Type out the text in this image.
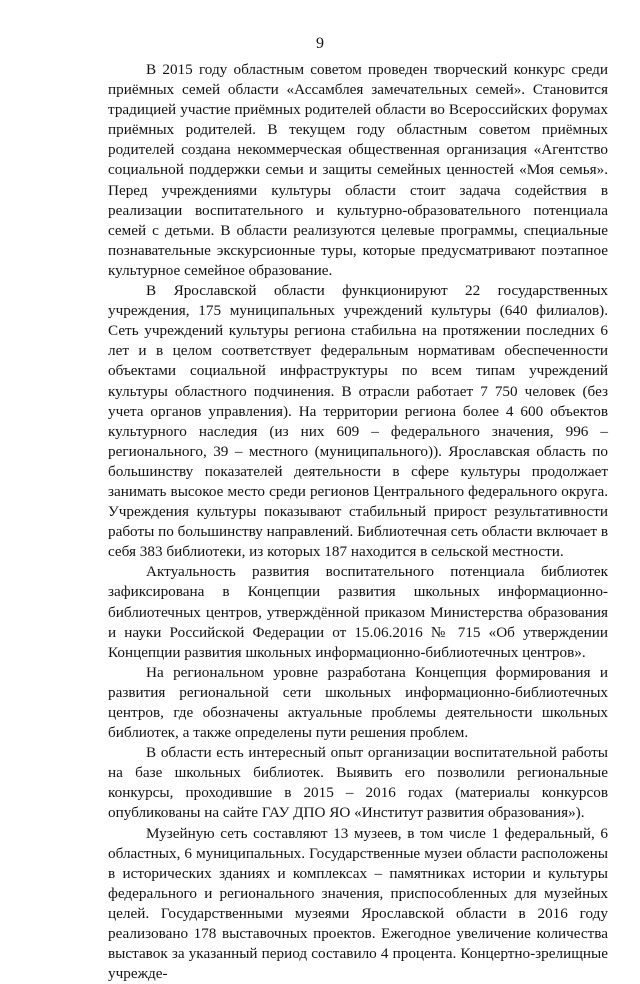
9

В 2015 году областным советом проведен творческий конкурс среди приёмных семей области «Ассамблея замечательных семей». Становится традицией участие приёмных родителей области во Всероссийских форумах приёмных родителей. В текущем году областным советом приёмных родителей создана некоммерческая общественная организация «Агентство социальной поддержки семьи и защиты семейных ценностей «Моя семья». Перед учреждениями культуры области стоит задача содействия в реализации воспитательного и культурно-образовательного потенциала семей с детьми. В области реализуются целевые программы, специальные познавательные экскурсионные туры, которые предусматривают поэтапное культурное семейное образование.

В Ярославской области функционируют 22 государственных учреждения, 175 муниципальных учреждений культуры (640 филиалов). Сеть учреждений культуры региона стабильна на протяжении последних 6 лет и в целом соответствует федеральным нормативам обеспеченности объектами социальной инфраструктуры по всем типам учреждений культуры областного подчинения. В отрасли работает 7 750 человек (без учета органов управления). На территории региона более 4 600 объектов культурного наследия (из них 609 – федерального значения, 996 – регионального, 39 – местного (муниципального)). Ярославская область по большинству показателей деятельности в сфере культуры продолжает занимать высокое место среди регионов Центрального федерального округа. Учреждения культуры показывают стабильный прирост результативности работы по большинству направлений. Библиотечная сеть области включает в себя 383 библиотеки, из которых 187 находится в сельской местности.

Актуальность развития воспитательного потенциала библиотек зафиксирована в Концепции развития школьных информационно-библиотечных центров, утверждённой приказом Министерства образования и науки Российской Федерации от 15.06.2016 № 715 «Об утверждении Концепции развития школьных информационно-библиотечных центров».

На региональном уровне разработана Концепция формирования и развития региональной сети школьных информационно-библиотечных центров, где обозначены актуальные проблемы деятельности школьных библиотек, а также определены пути решения проблем.

В области есть интересный опыт организации воспитательной работы на базе школьных библиотек. Выявить его позволили региональные конкурсы, проходившие в 2015 – 2016 годах (материалы конкурсов опубликованы на сайте ГАУ ДПО ЯО «Институт развития образования»).

Музейную сеть составляют 13 музеев, в том числе 1 федеральный, 6 областных, 6 муниципальных. Государственные музеи области расположены в исторических зданиях и комплексах – памятниках истории и культуры федерального и регионального значения, приспособленных для музейных целей. Государственными музеями Ярославской области в 2016 году реализовано 178 выставочных проектов. Ежегодное увеличение количества выставок за указанный период составило 4 процента. Концертно-зрелищные учрежде-
